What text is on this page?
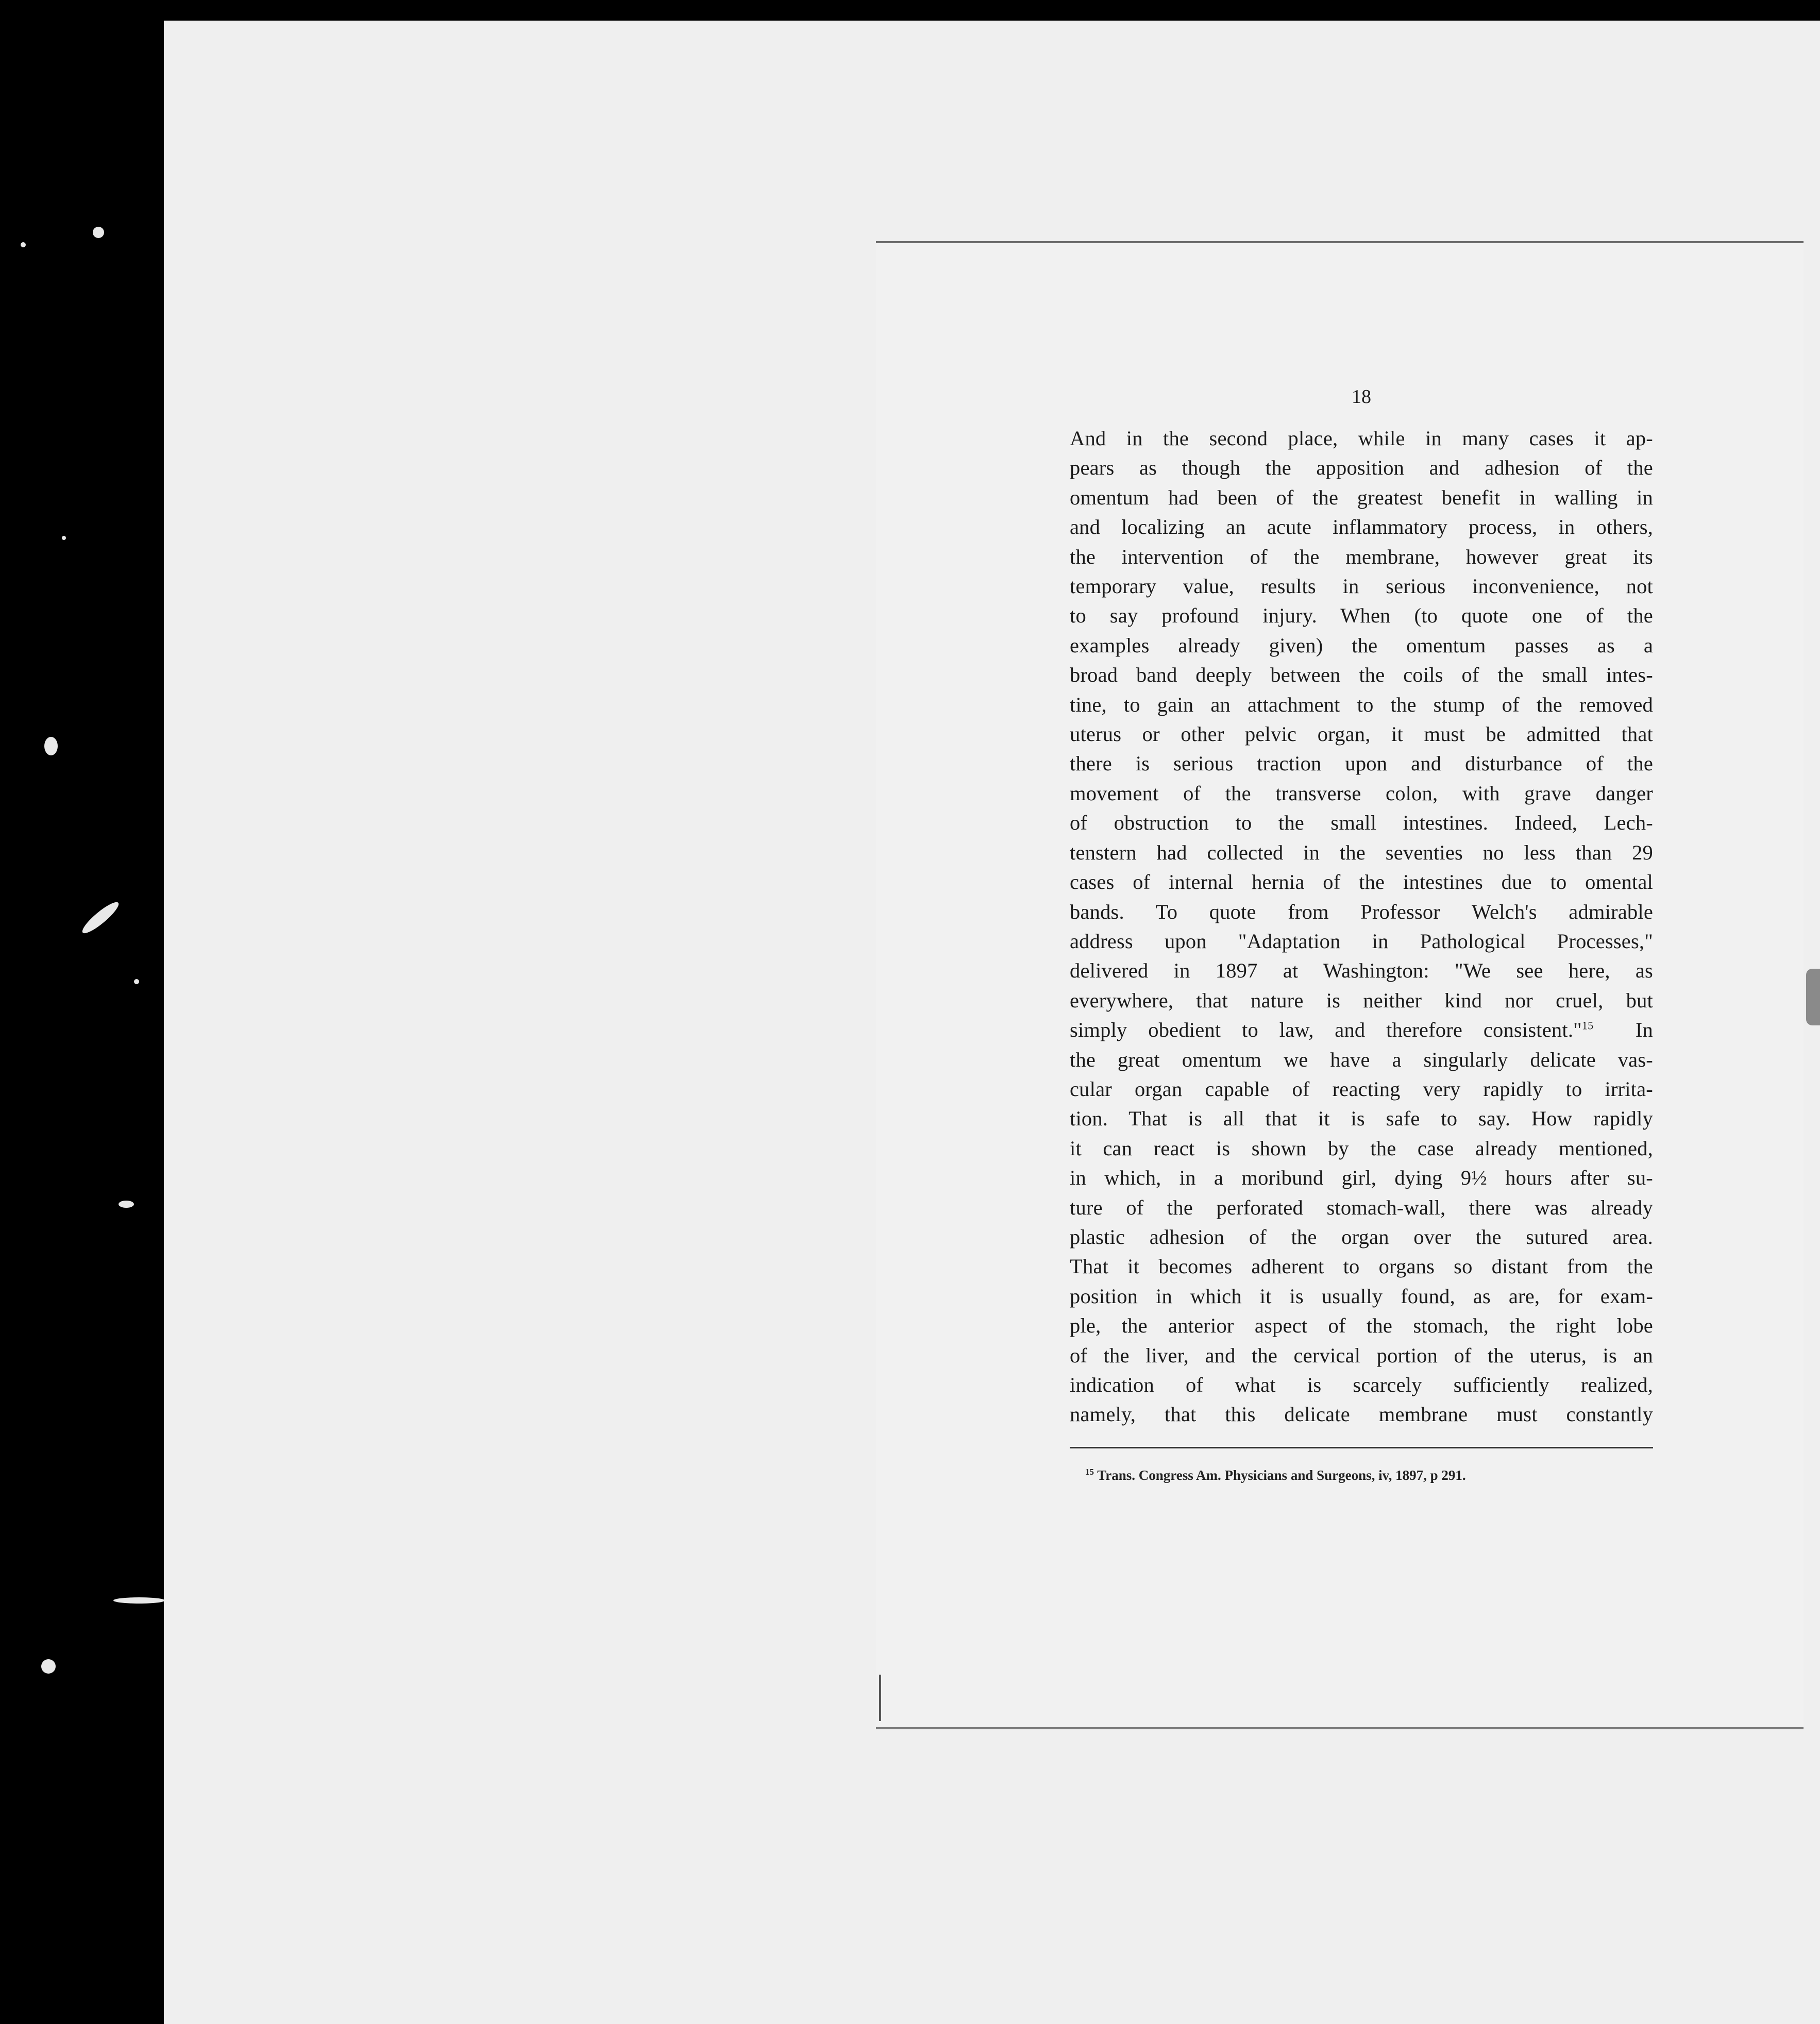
18
And in the second place, while in many cases it ap-
pears as though the apposition and adhesion of the
omentum had been of the greatest benefit in walling in
and localizing an acute inflammatory process, in others,
the intervention of the membrane, however great its
temporary value, results in serious inconvenience, not
to say profound injury. When (to quote one of the
examples already given) the omentum passes as a
broad band deeply between the coils of the small intes-
tine, to gain an attachment to the stump of the removed
uterus or other pelvic organ, it must be admitted that
there is serious traction upon and disturbance of the
movement of the transverse colon, with grave danger
of obstruction to the small intestines. Indeed, Lech-
tenstern had collected in the seventies no less than 29
cases of internal hernia of the intestines due to omental
bands. To quote from Professor Welch's admirable
address upon "Adaptation in Pathological Processes,"
delivered in 1897 at Washington: "We see here, as
everywhere, that nature is neither kind nor cruel, but
simply obedient to law, and therefore consistent."$^{15}$ In
the great omentum we have a singularly delicate vas-
cular organ capable of reacting very rapidly to irrita-
tion. That is all that it is safe to say. How rapidly
it can react is shown by the case already mentioned,
in which, in a moribund girl, dying 9½ hours after su-
ture of the perforated stomach-wall, there was already
plastic adhesion of the organ over the sutured area.
That it becomes adherent to organs so distant from the
position in which it is usually found, as are, for exam-
ple, the anterior aspect of the stomach, the right lobe
of the liver, and the cervical portion of the uterus, is an
indication of what is scarcely sufficiently realized,
namely, that this delicate membrane must constantly
$^{15}$ Trans. Congress Am. Physicians and Surgeons, iv, 1897, p 291.
